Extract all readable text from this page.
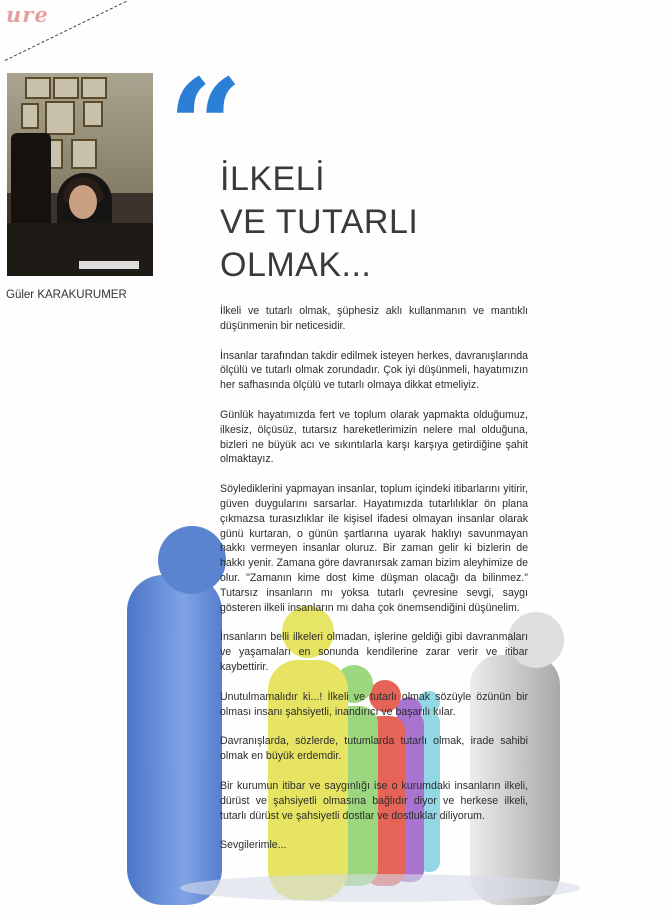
ure
Güler KARAKURUMER
“
İLKELİ
VE TUTARLI
OLMAK...

İlkeli ve tutarlı olmak, şüphesiz aklı kullanmanın ve mantıklı düşünmenin bir neticesidir.

İnsanlar tarafından takdir edilmek isteyen herkes, davranışlarında ölçülü ve tutarlı olmak zorundadır. Çok iyi düşünmeli, hayatımızın her safhasında ölçülü ve tutarlı olmaya dikkat etmeliyiz.

Günlük hayatımızda fert ve toplum olarak yapmakta olduğumuz, ilkesiz, ölçüsüz, tutarsız hareketlerimizin nelere mal olduğuna, bizleri ne büyük acı ve sıkıntılarla karşı karşıya getirdiğine şahit olmaktayız.

Söylediklerini yapmayan insanlar, toplum içindeki itibarlarını yitirir, güven duygularını sarsarlar. Hayatımızda tutarlılıklar ön plana çıkmazsa turasızlıklar ile kişisel ifadesi olmayan insanlar olarak günü kurtaran, o günün şartlarına uyarak haklıyı savunmayan hakkı vermeyen insanlar oluruz. Bir zaman gelir ki bizlerin de hakkı yenir. Zamana göre davranırsak zaman bizim aleyhimize de olur. "Zamanın kime dost kime düşman olacağı da bilinmez." Tutarsız insanların mı yoksa tutarlı çevresine sevgi, saygı gösteren ilkeli insanların mı daha çok önemsendiğini düşünelim.

İnsanların belli ilkeleri olmadan, işlerine geldiği gibi davranmaları ve yaşamaları en sonunda kendilerine zarar verir ve itibar kaybettirir.

Unutulmamalıdır ki...! İlkeli ve tutarlı olmak sözüyle özünün bir olması insanı şahsiyetli, inandırıcı ve başarılı kılar.

Davranışlarda, sözlerde, tutumlarda tutarlı olmak, irade sahibi olmak en büyük erdemdir.

Bir kurumun itibar ve saygınlığı ise o kurumdaki insanların ilkeli, dürüst ve şahsiyetli olmasına bağlıdır diyor ve herkese ilkeli, tutarlı dürüst ve şahsiyetli dostlar ve dostluklar diliyorum.

Sevgilerimle...
